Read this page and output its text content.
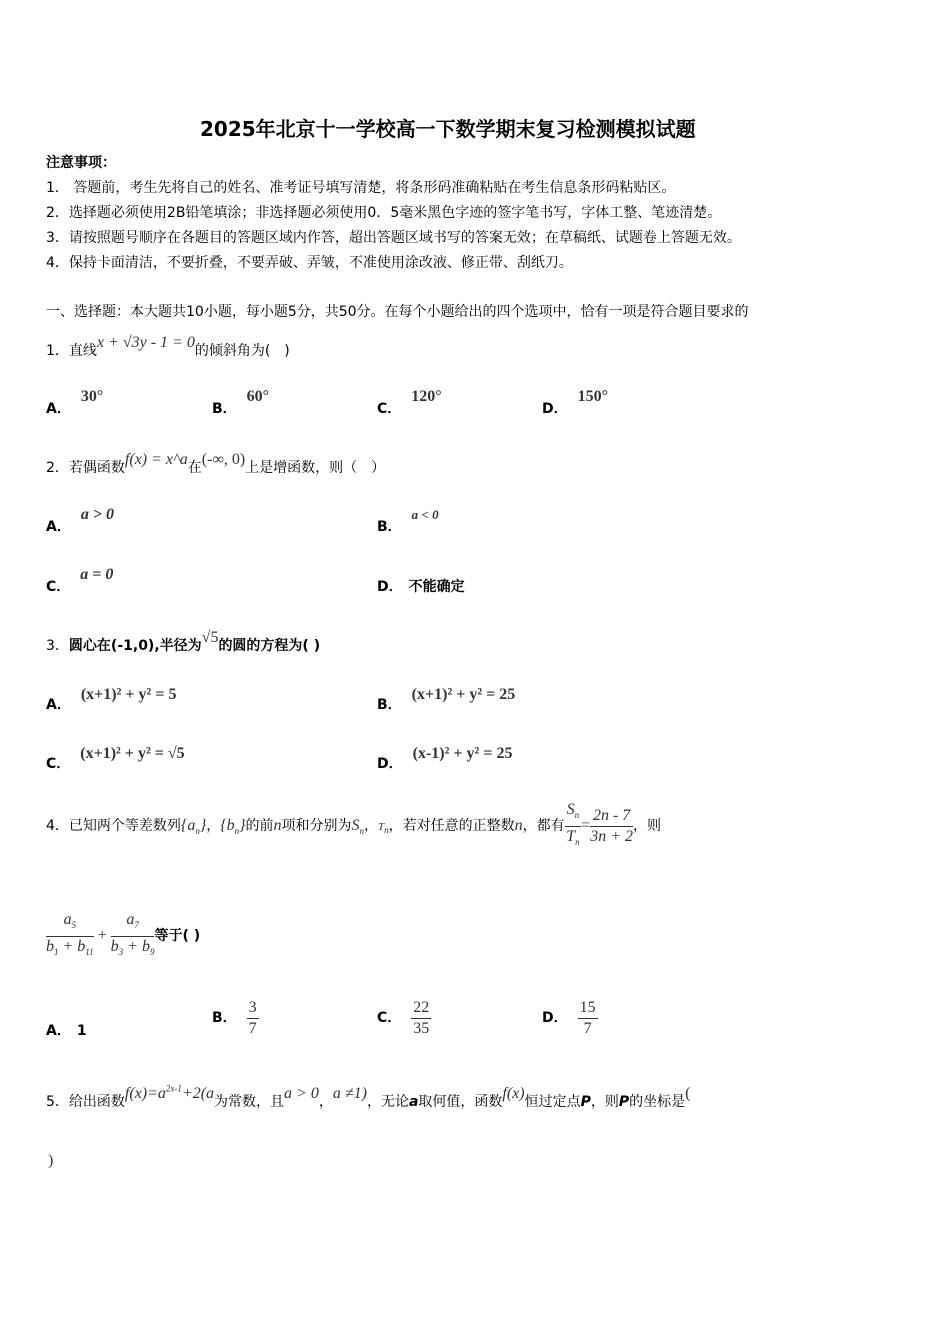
2025年北京十一学校高一下数学期末复习检测模拟试题
注意事项：
1． 答题前，考生先将自己的姓名、准考证号填写清楚，将条形码准确粘贴在考生信息条形码粘贴区。
2．选择题必须使用2B铅笔填涂；非选择题必须使用0．5毫米黑色字迹的签字笔书写，字体工整、笔迹清楚。
3．请按照题号顺序在各题目的答题区域内作答，超出答题区域书写的答案无效；在草稿纸、试题卷上答题无效。
4．保持卡面清洁，不要折叠，不要弄破、弄皱，不准使用涂改液、修正带、刮纸刀。
一、选择题：本大题共10小题，每小题5分，共50分。在每个小题给出的四个选项中，恰有一项是符合题目要求的
1．直线x + √3y - 1 = 0的倾斜角为(　)
A．30°
B．60°
C．120°
D．150°
2．若偶函数f(x) = x^a在(-∞, 0)上是增函数，则（　）
A．a > 0
B．a < 0
C．a = 0
D． 不能确定
3．圆心在(-1,0),半径为√5的圆的方程为( )
A．(x+1)² + y² = 5
B．(x+1)² + y² = 25
C．(x+1)² + y² = √5
D．(x-1)² + y² = 25
4．已知两个等差数列$\{a_n\}$，$\{b_n\}$的前n项和分别为$S_n$，$T_n$，若对任意的正整数n，都有 $\frac{S_n}{T_n} = \frac{2n - 7}{3n + 2}$ ，则
$\frac{a_5}{b_1 + b_{11}} + \frac{a_7}{b_3 + b_9}$ 等于( )
A． 1
B． $\frac{3}{7}$	C． $\frac{22}{35}$	D． $\frac{15}{7}$
5．给出函数$f(x)=a^{2x-1}+2(a$为常数，且a > 0，a ≠1)，无论a取何值，函数f(x)恒过定点P，则P的坐标是(
)
